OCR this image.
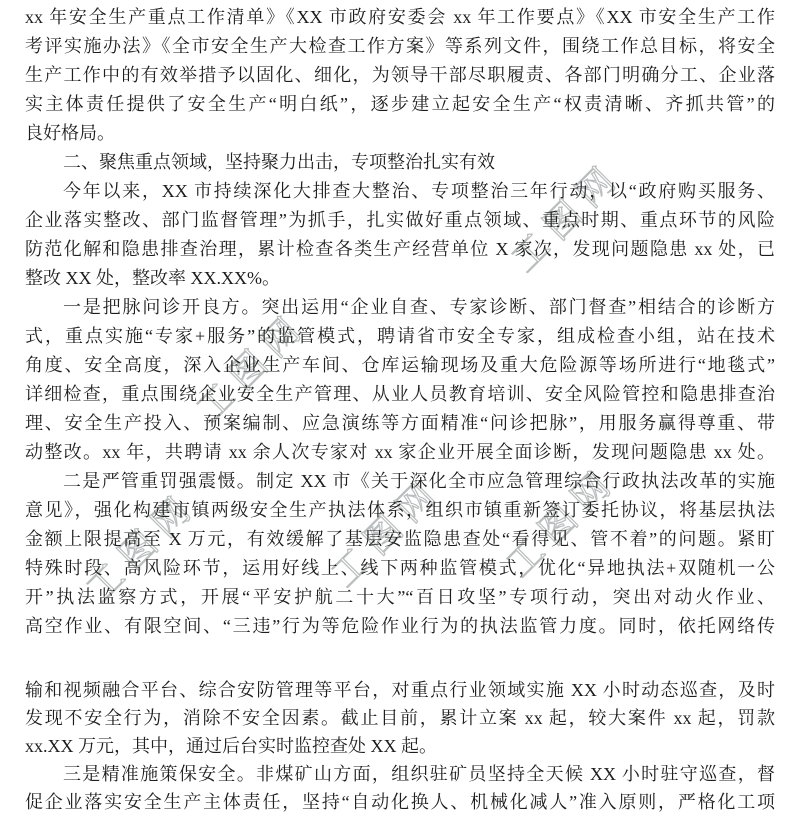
工图网
工图网
工图网	工图网 工图网
xx 年安全生产重点工作清单》《XX 市政府安委会 xx 年工作要点》《XX 市安全生产工作
考评实施办法》《全市安全生产大检查工作方案》等系列文件，围绕工作总目标，将安全
生产工作中的有效举措予以固化、细化，为领导干部尽职履责、各部门明确分工、企业落
实主体责任提供了安全生产“明白纸”，逐步建立起安全生产“权责清晰、齐抓共管”的
良好格局。
二、聚焦重点领域，坚持聚力出击，专项整治扎实有效
今年以来，XX 市持续深化大排查大整治、专项整治三年行动，以“政府购买服务、
企业落实整改、部门监督管理”为抓手，扎实做好重点领域、重点时期、重点环节的风险
防范化解和隐患排查治理，累计检查各类生产经营单位 X 家次，发现问题隐患 xx 处，已
整改 XX 处，整改率 XX.XX%。
一是把脉问诊开良方。突出运用“企业自查、专家诊断、部门督查”相结合的诊断方
式，重点实施“专家+服务”的监管模式，聘请省市安全专家，组成检查小组，站在技术
角度、安全高度，深入企业生产车间、仓库运输现场及重大危险源等场所进行“地毯式”
详细检查，重点围绕企业安全生产管理、从业人员教育培训、安全风险管控和隐患排查治
理、安全生产投入、预案编制、应急演练等方面精准“问诊把脉”，用服务赢得尊重、带
动整改。xx 年，共聘请 xx 余人次专家对 xx 家企业开展全面诊断，发现问题隐患 xx 处。
二是严管重罚强震慑。制定 XX 市《关于深化全市应急管理综合行政执法改革的实施
意见》，强化构建市镇两级安全生产执法体系，组织市镇重新签订委托协议，将基层执法
金额上限提高至 X 万元，有效缓解了基层安监隐患查处“看得见、管不着”的问题。紧盯
特殊时段、高风险环节，运用好线上、线下两种监管模式，优化“异地执法+双随机一公
开”执法监察方式，开展“平安护航二十大”“百日攻坚”专项行动，突出对动火作业、
高空作业、有限空间、“三违”行为等危险作业行为的执法监管力度。同时，依托网络传
输和视频融合平台、综合安防管理等平台，对重点行业领域实施 XX 小时动态巡查，及时
发现不安全行为，消除不安全因素。截止目前，累计立案 xx 起，较大案件 xx 起，罚款
xx.XX 万元，其中，通过后台实时监控查处 XX 起。
三是精准施策保安全。非煤矿山方面，组织驻矿员坚持全天候 XX 小时驻守巡查，督
促企业落实安全生产主体责任，坚持“自动化换人、机械化减人”准入原则，严格化工项
